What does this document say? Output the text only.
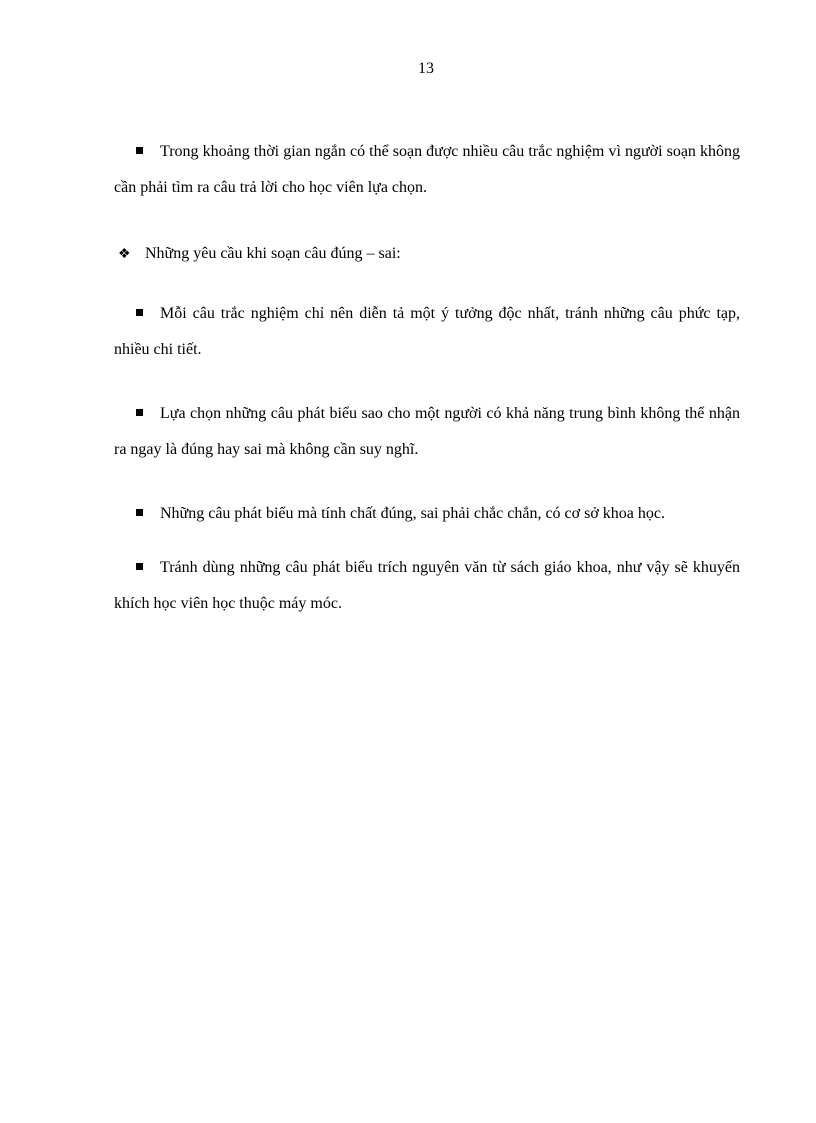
13
Trong khoảng thời gian ngắn có thể soạn được nhiều câu trắc nghiệm vì người soạn không cần phải tìm ra câu trả lời cho học viên lựa chọn.
❖ Những yêu cầu khi soạn câu đúng – sai:
Mỗi câu trắc nghiệm chỉ nên diễn tả một ý tưởng độc nhất, tránh những câu phức tạp, nhiều chi tiết.
Lựa chọn những câu phát biểu sao cho một người có khả năng trung bình không thể nhận ra ngay là đúng hay sai mà không cần suy nghĩ.
Những câu phát biểu mà tính chất đúng, sai phải chắc chắn, có cơ sở khoa học.
Tránh dùng những câu phát biểu trích nguyên văn từ sách giáo khoa, như vậy sẽ khuyến khích học viên học thuộc máy móc.
